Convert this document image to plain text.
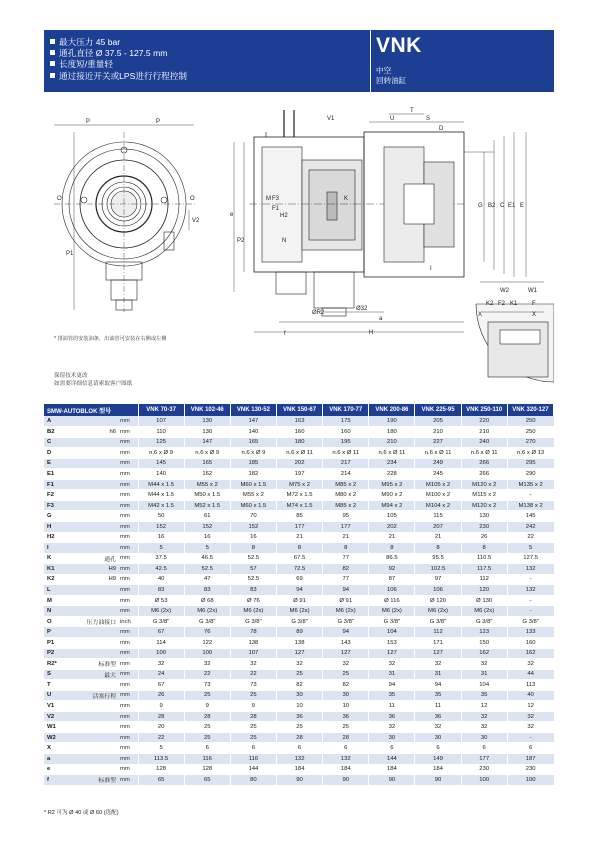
最大压力 45 bar
通孔直径 Ø 37.5 - 127.5 mm
长度短/重量轻
通过接近开关或LPS进行行程控制
VNK
中空
回转油缸
P	P
O	O
V2
P1
V1
e
M F3
F1
H2
N
P2
ØR2
Ø32
a
H
f
K
T
U	S
D
G B2 C E1 E
I
W2	W1
K2 F2 K1 F
X	X
* 排油管的安装油条，出油管可安装在右侧或左侧
保留技术更改
如需要详细信息请索取客户图纸
SMW-AUTOBLOK 型号			VNK 70-37	VNK 102-46	VNK 130-52	VNK 150-67	VNK 170-77	VNK 200-86	VNK 225-95	VNK 250-110	VNK 320-127
A		mm	107	130	147	163	175	190	205	220	250
B2	h6	mm	110	130	140	160	160	180	210	210	250
C		mm	125	147	165	180	195	210	227	240	270
D		mm	n.6 x Ø 9	n.6 x Ø 9	n.6 x Ø 9	n.6 x Ø 11	n.6 x Ø 11	n.6 x Ø 11	n.6 x Ø 11	n.6 x Ø 11	n.6 x Ø 13
E		mm	145	165	185	202	217	234	249	266	295
E1		mm	140	162	182	197	214	228	245	266	290
F1		mm	M44 x 1.5	M55 x 2	M60 x 1.5	M75 x 2	M85 x 2	M95 x 2	M105 x 2	M120 x 2	M135 x 2
F2		mm	M44 x 1.5	M50 x 1.5	M55 x 2	M72 x 1.5	M80 x 2	M90 x 2	M100 x 2	M115 x 2	-
F3		mm	M42 x 1.5	M52 x 1.5	M60 x 1.5	M74 x 1.5	M85 x 2	M94 x 2	M104 x 2	M120 x 2	M138 x 2
G		mm	50	61	70	85	95	105	115	130	145
H		mm	152	152	152	177	177	202	207	230	242
H2		mm	16	16	16	21	21	21	21	26	22
I		mm	5	5	8	8	8	8	8	8	5
K	通孔	mm	37.5	46.5	52.5	67.5	77	86.5	95.5	110.5	127.5
K1	H9	mm	42.5	52.5	57	72.5	82	92	102.5	117.5	132
K2	H9	mm	40	47	52.5	69	77	87	97	112	-
L		mm	83	83	83	94	94	106	106	120	132
M		mm	Ø 53	Ø 68	Ø 76	Ø 91	Ø 91	Ø 116	Ø 120	Ø 130	-
N		mm	M6 (2x)	M6 (2x)	M6 (2x)	M6 (2x)	M6 (2x)	M6 (2x)	M6 (2x)	M6 (2x)	-
O	压力油接口	inch	G 3/8"	G 3/8"	G 3/8"	G 3/8"	G 3/8"	G 3/8"	G 3/8"	G 3/8"	G 3/8"
P		mm	67	76	78	89	94	104	112	123	133
P1		mm	114	122	138	138	143	153	171	150	160
P2		mm	100	100	107	127	127	127	127	162	162
R2*	标准型	mm	32	32	32	32	32	32	32	32	32
S	最大	mm	24	22	22	25	25	31	31	31	44
T		mm	67	73	73	82	82	94	94	104	113
U	活塞行程	mm	26	25	25	30	30	35	35	35	40
V1		mm	9	9	9	10	10	11	11	12	12
V2		mm	28	28	28	36	36	36	36	32	32
W1		mm	20	25	25	25	25	32	32	32	32
W2		mm	22	25	25	28	28	30	30	30	-
X		mm	5	6	6	6	6	6	6	6	6
a		mm	113.5	116	116	132	132	144	149	177	187
e		mm	128	128	144	184	184	184	184	230	230
f	标准型	mm	65	65	80	90	90	90	90	100	100
* R2 可为 Ø 40 或 Ø 60 (选配)
